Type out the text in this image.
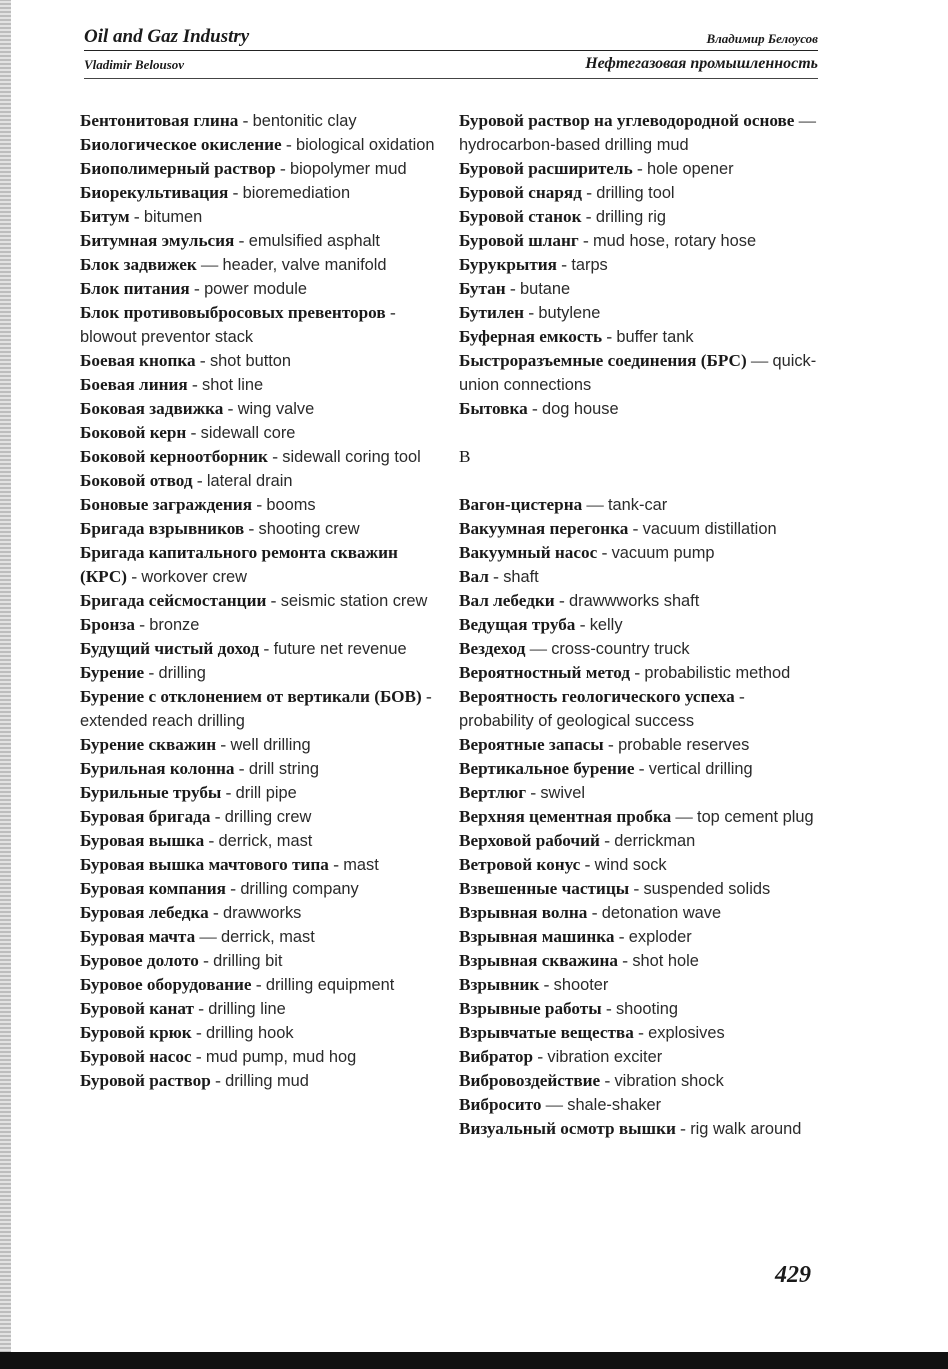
Oil and Gaz Industry	Владимир Белоусов
Vladimir Belousov	Нефтегазовая промышленность

Бентонитовая глина - bentonitic clay

Биологическое окисление - biological oxidation

Биополимерный раствор - biopolymer mud

Биорекультивация - bioremediation

Битум - bitumen

Битумная эмульсия - emulsified asphalt

Блок задвижек — header, valve manifold

Блок питания - power module

Блок противовыбросовых превенторов - blowout preventor stack

Боевая кнопка - shot button

Боевая линия - shot line

Боковая задвижка - wing valve

Боковой керн - sidewall core

Боковой керноотборник - sidewall coring tool

Боковой отвод - lateral drain

Боновые заграждения - booms

Бригада взрывников - shooting crew

Бригада капитального ремонта скважин (КРС) - workover crew

Бригада сейсмостанции - seismic station crew

Бронза - bronze

Будущий чистый доход - future net revenue

Бурение - drilling

Бурение с отклонением от вертикали (БОВ) - extended reach drilling

Бурение скважин - well drilling

Бурильная колонна - drill string

Бурильные трубы - drill pipe

Буровая бригада - drilling crew

Буровая вышка - derrick, mast

Буровая вышка мачтового типа - mast

Буровая компания - drilling company

Буровая лебедка - drawworks

Буровая мачта — derrick, mast

Буровое долото - drilling bit

Буровое оборудование - drilling equipment

Буровой канат - drilling line

Буровой крюк - drilling hook

Буровой насос - mud pump, mud hog

Буровой раствор - drilling mud

Буровой раствор на углеводородной основе — hydrocarbon-based drilling mud

Буровой расширитель - hole opener

Буровой снаряд - drilling tool

Буровой станок - drilling rig

Буровой шланг - mud hose, rotary hose

Бурукрытия - tarps

Бутан - butane

Бутилен - butylene

Буферная емкость - buffer tank

Быстроразъемные соединения (БРС) — quick-union connections

Бытовка - dog house

В

Вагон-цистерна — tank-car

Вакуумная перегонка - vacuum distillation

Вакуумный насос - vacuum pump

Вал - shaft

Вал лебедки - drawwworks shaft

Ведущая труба - kelly

Вездеход — cross-country truck

Вероятностный метод - probabilistic method

Вероятность геологического успеха - probability of geological success

Вероятные запасы - probable reserves

Вертикальное бурение - vertical drilling

Вертлюг - swivel

Верхняя цементная пробка — top cement plug

Верховой рабочий - derrickman

Ветровой конус - wind sock

Взвешенные частицы - suspended solids

Взрывная волна - detonation wave

Взрывная машинка - exploder

Взрывная скважина - shot hole

Взрывник - shooter

Взрывные работы - shooting

Взрывчатые вещества - explosives

Вибратор - vibration exciter

Вибровоздействие - vibration shock

Вибросито — shale-shaker

Визуальный осмотр вышки - rig walk around

429
